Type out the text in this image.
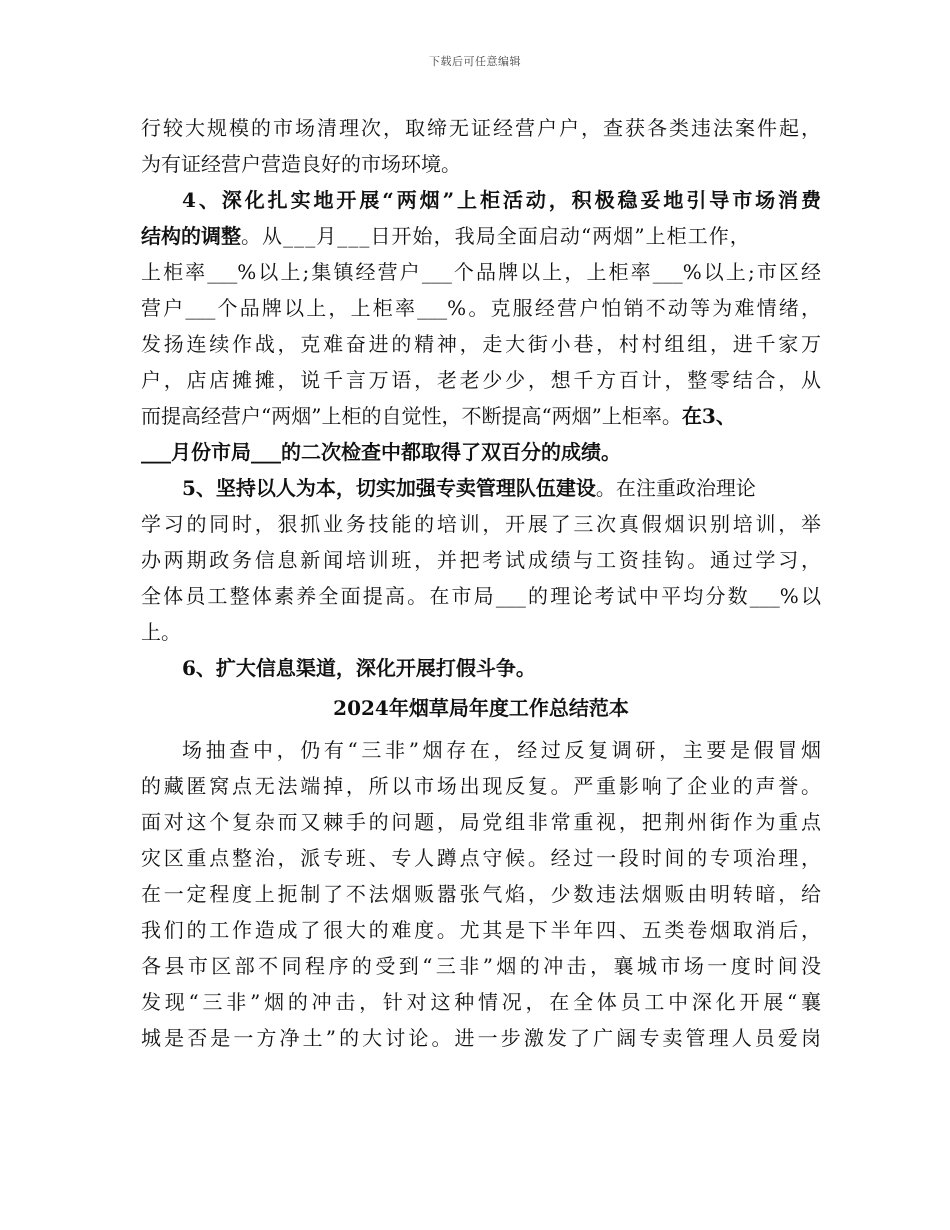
下载后可任意编辑
行较大规模的市场清理次，取缔无证经营户户，查获各类违法案件起，
为有证经营户营造良好的市场环境。
4、深化扎实地开展“两烟”上柜活动，积极稳妥地引导市场消费
结构的调整。从___月___日开始，我局全面启动“两烟”上柜工作，
上柜率___%以上;集镇经营户___个品牌以上，上柜率___%以上;市区经
营户___个品牌以上，上柜率___%。克服经营户怕销不动等为难情绪，
发扬连续作战，克难奋进的精神，走大街小巷，村村组组，进千家万
户，店店摊摊，说千言万语，老老少少，想千方百计，整零结合，从
而提高经营户“两烟”上柜的自觉性，不断提高“两烟”上柜率。在3、
___月份市局___的二次检查中都取得了双百分的成绩。
5、坚持以人为本，切实加强专卖管理队伍建设。在注重政治理论
学习的同时，狠抓业务技能的培训，开展了三次真假烟识别培训，举
办两期政务信息新闻培训班，并把考试成绩与工资挂钩。通过学习，
全体员工整体素养全面提高。在市局___的理论考试中平均分数___%以
上。
6、扩大信息渠道，深化开展打假斗争。
2024年烟草局年度工作总结范本
场抽查中，仍有“三非”烟存在，经过反复调研，主要是假冒烟
的藏匿窝点无法端掉，所以市场出现反复。严重影响了企业的声誉。
面对这个复杂而又棘手的问题，局党组非常重视，把荆州街作为重点
灾区重点整治，派专班、专人蹲点守候。经过一段时间的专项治理，
在一定程度上扼制了不法烟贩嚣张气焰，少数违法烟贩由明转暗，给
我们的工作造成了很大的难度。尤其是下半年四、五类卷烟取消后，
各县市区部不同程序的受到“三非”烟的冲击，襄城市场一度时间没
发现“三非”烟的冲击，针对这种情况，在全体员工中深化开展“襄
城是否是一方净土”的大讨论。进一步激发了广阔专卖管理人员爱岗
